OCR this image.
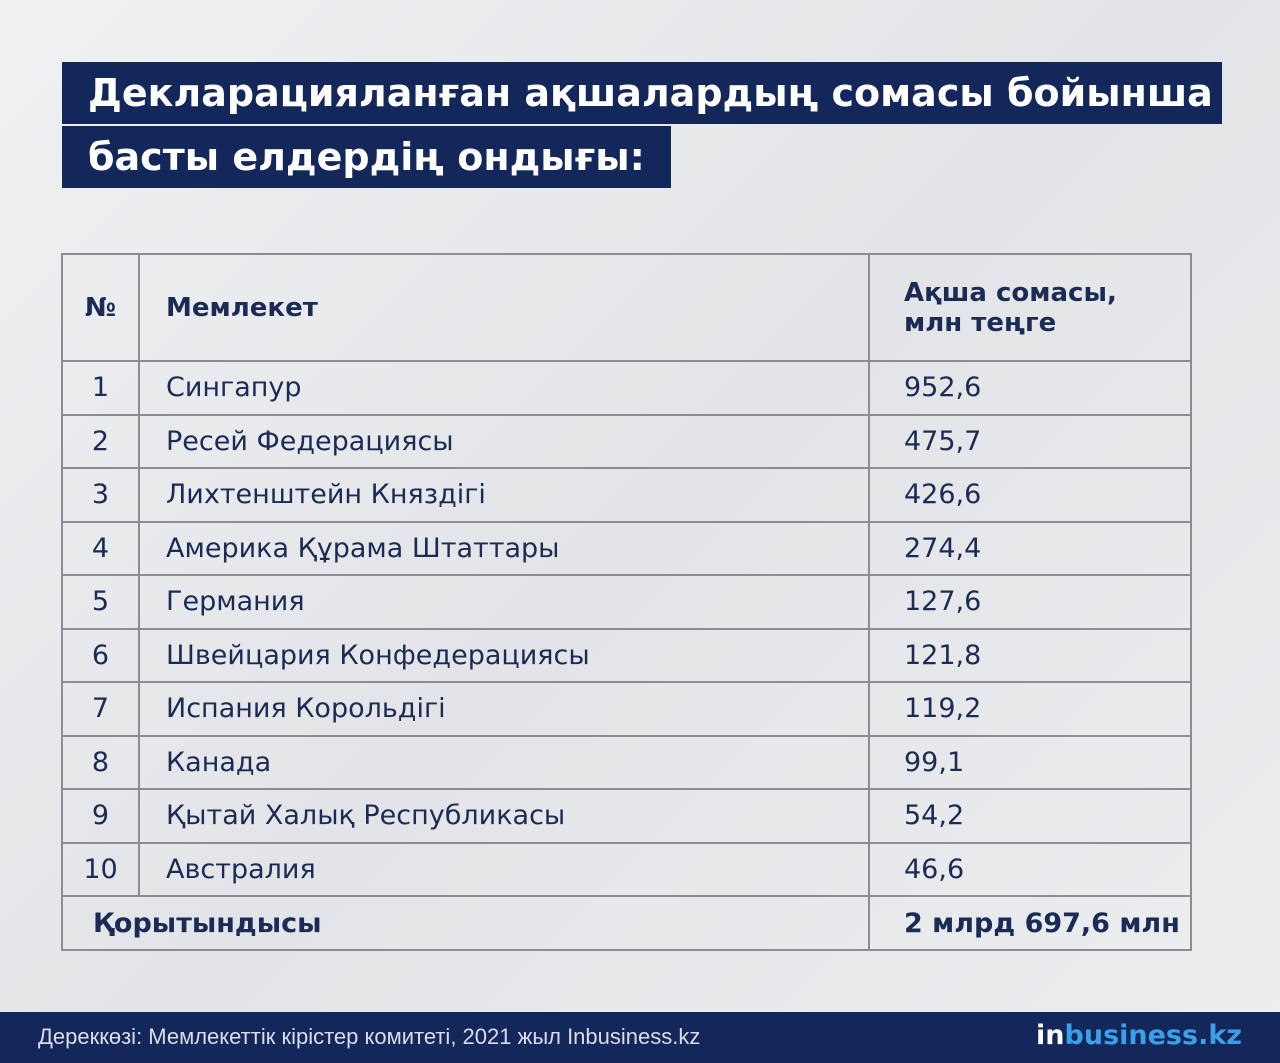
Декларацияланған ақшалардың сомасы бойынша
басты елдердің ондығы:
№	Мемлекет	Ақша сомасы,
млн теңге

1	Сингапур	952,6
2	Ресей Федерациясы	475,7
3	Лихтенштейн Княздігі	426,6
4	Америка Құрама Штаттары	274,4
5	Германия	127,6
6	Швейцария Конфедерациясы	121,8
7	Испания Корольдігі	119,2
8	Канада	99,1
9	Қытай Халық Республикасы	54,2
10	Австралия	46,6
Қорытындысы		2 млрд 697,6 млн
Дереккөзі: Мемлекеттік кірістер комитеті, 2021 жыл Inbusiness.kz	inbusiness.kz
